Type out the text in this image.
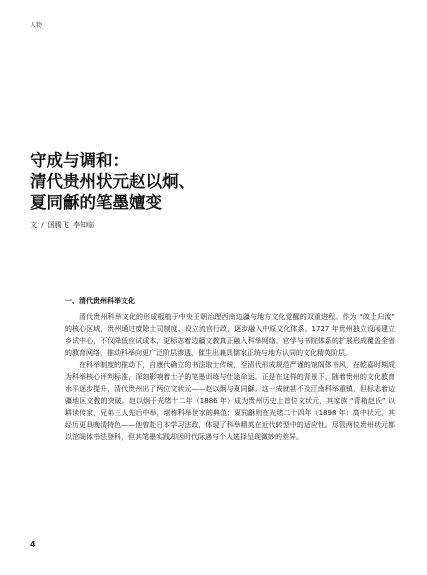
人物
守成与调和：
清代贵州状元赵以炯、
夏同龢的笔墨嬗变
文 / 国腾飞 李知临
一、清代贵州科举文化

清代贵州科举文化的形成根植于中央王朝治理西南边疆与地方文化觉醒的双重进程。作为 “改土归流” 的核心区域，贵州通过废除土司制度、设立流官行政，逐步融入中原文化体系。1727 年贵州独立设闱建立乡试中心，不仅降低应试成本，更标志着边疆文教真正融入科举网络。官学与书院体系的扩展形成覆盖全省的教育网络，推动科举向更广泛阶层渗透，催生出兼具儒家正统与地方认同的文化精英阶层。

在科举制度的推动下，自康代确立的书法取士传统，至清代形成规范严谨的馆阁体书风，在乾嘉时期成为科举核心评判标准，深刻影响着士子的笔墨训练与仕途命运。正是在这样的背景下，随着贵州的文化教育水平逐步提升，清代贵州出了两位文状元——赵以炯与夏同龢。这一成就甚不及江南科举重镇，但标志着边疆地区文教的突破。赵以炯于光绪十二年（1886 年）成为贵州历史上首位文状元，其家族 “青箱赵氏” 以耕读传家，兄弟三人先后中举，堪称科举世家的典范；夏同龢则在光绪二十四年（1898 年）高中状元，其经历更具晚清特色——他曾赴日本学习法政，体现了科举精英在近代转型中的适应性。尽管两位贵州状元都以馆阁体书法登科，但其笔墨实践却因时代际遇与个人选择呈现微妙的差异。

4
